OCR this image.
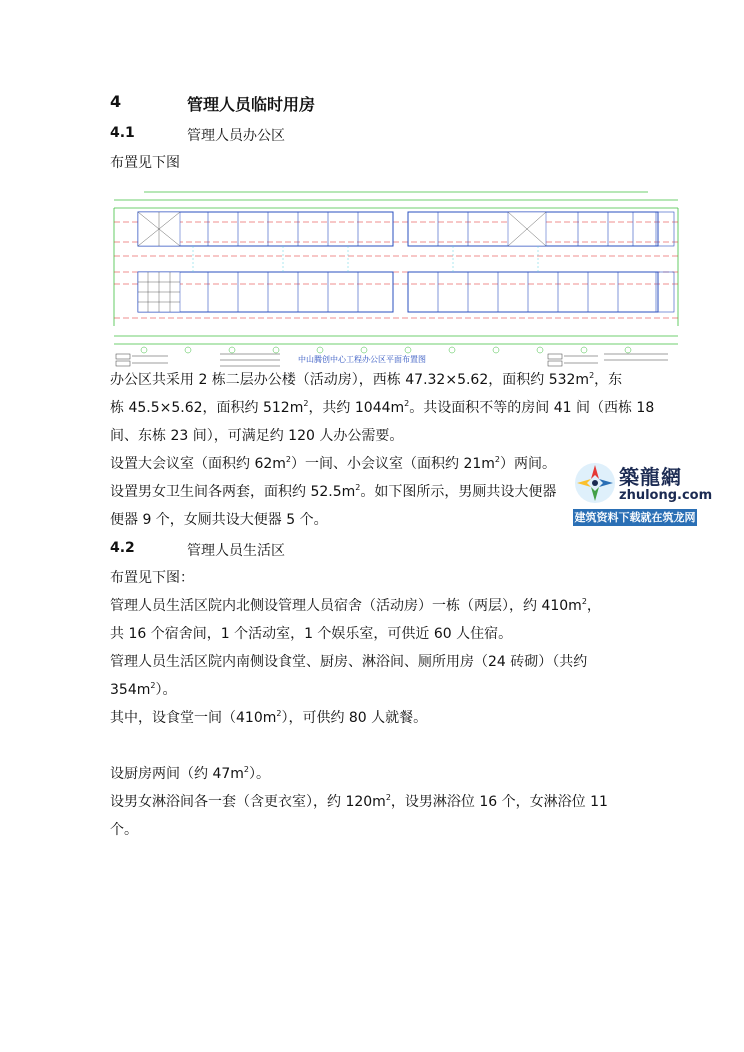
4	管理人员临时用房
4.1	管理人员办公区
布置见下图
中山腾创中心工程办公区平面布置图
办公区共采用 2 栋二层办公楼（活动房），西栋 47.32×5.62，面积约 $532m^2$，东
栋 45.5×5.62，面积约 $512m^2$，共约 $1044m^2$。共设面积不等的房间 41 间（西栋 18
间、东栋 23 间），可满足约 120 人办公需要。
设置大会议室（面积约 $62m^2$）一间、小会议室（面积约 $21m^2$）两间。
设置男女卫生间各两套，面积约 $52.5m^2$。如下图所示，男厕共设大便器
便器 9 个，女厕共设大便器 5 个。
築龍網
zhulong.com
建筑资料下载就在筑龙网
4.2	管理人员生活区
布置见下图：
管理人员生活区院内北侧设管理人员宿舍（活动房）一栋（两层），约 $410m^2$，
共 16 个宿舍间，1 个活动室，1 个娱乐室，可供近 60 人住宿。
管理人员生活区院内南侧设食堂、厨房、淋浴间、厕所用房（24 砖砌）（共约
$354m^2$）。
其中，设食堂一间$(410m^2)$，可供约 80 人就餐。
设厨房两间（约 $47m^2$）。
设男女淋浴间各一套（含更衣室），约 $120m^2$，设男淋浴位 16 个，女淋浴位 11
个。
